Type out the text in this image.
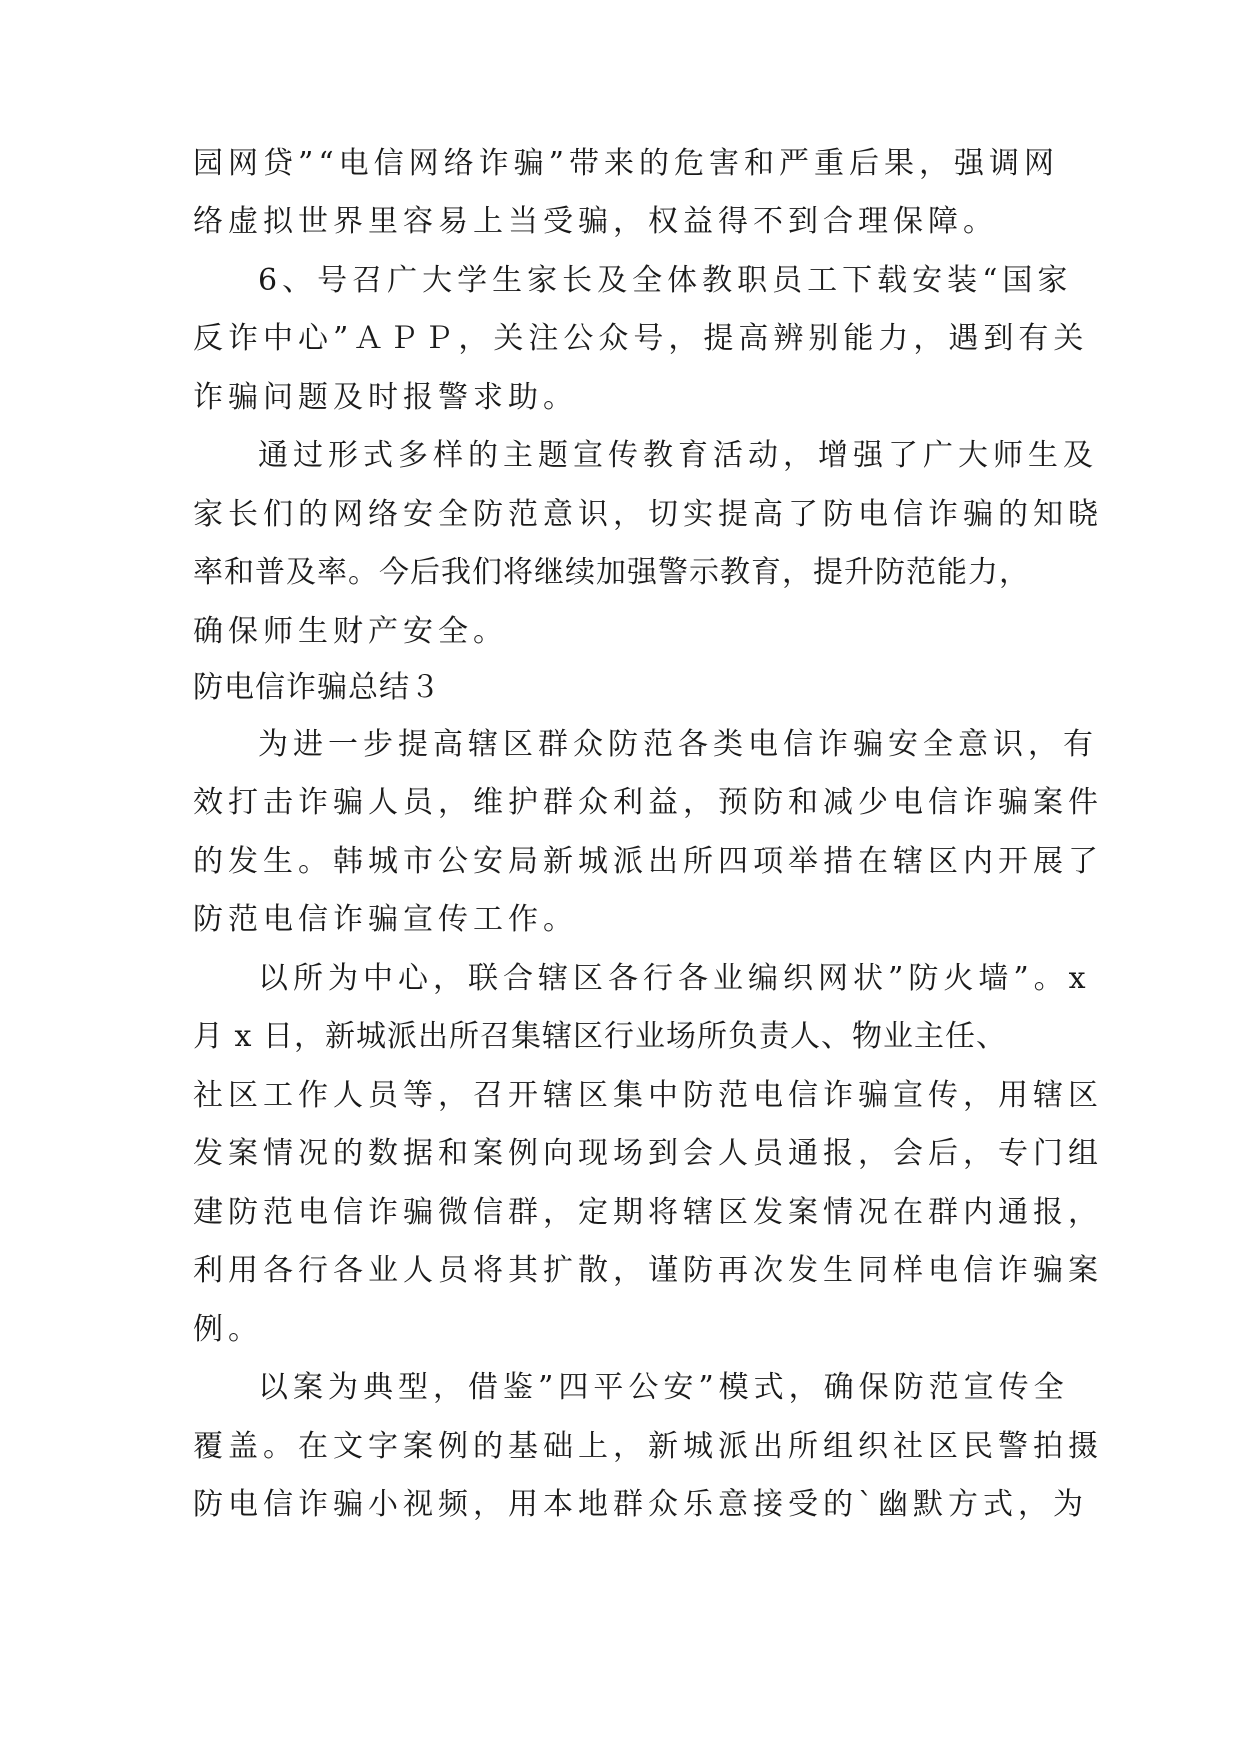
园网贷”“电信网络诈骗”带来的危害和严重后果，强调网
络虚拟世界里容易上当受骗，权益得不到合理保障。
6、号召广大学生家长及全体教职员工下载安装“国家
反诈中心”ＡＰＰ，关注公众号，提高辨别能力，遇到有关
诈骗问题及时报警求助。
通过形式多样的主题宣传教育活动，增强了广大师生及
家长们的网络安全防范意识，切实提高了防电信诈骗的知晓
率和普及率。今后我们将继续加强警示教育，提升防范能力，
确保师生财产安全。
防电信诈骗总结３
为进一步提高辖区群众防范各类电信诈骗安全意识，有
效打击诈骗人员，维护群众利益，预防和减少电信诈骗案件
的发生。韩城市公安局新城派出所四项举措在辖区内开展了
防范电信诈骗宣传工作。
以所为中心，联合辖区各行各业编织网状”防火墙”。x
月 x 日，新城派出所召集辖区行业场所负责人、物业主任、
社区工作人员等，召开辖区集中防范电信诈骗宣传，用辖区
发案情况的数据和案例向现场到会人员通报，会后，专门组
建防范电信诈骗微信群，定期将辖区发案情况在群内通报，
利用各行各业人员将其扩散，谨防再次发生同样电信诈骗案
例。
以案为典型，借鉴”四平公安”模式，确保防范宣传全
覆盖。在文字案例的基础上，新城派出所组织社区民警拍摄
防电信诈骗小视频，用本地群众乐意接受的`幽默方式，为
